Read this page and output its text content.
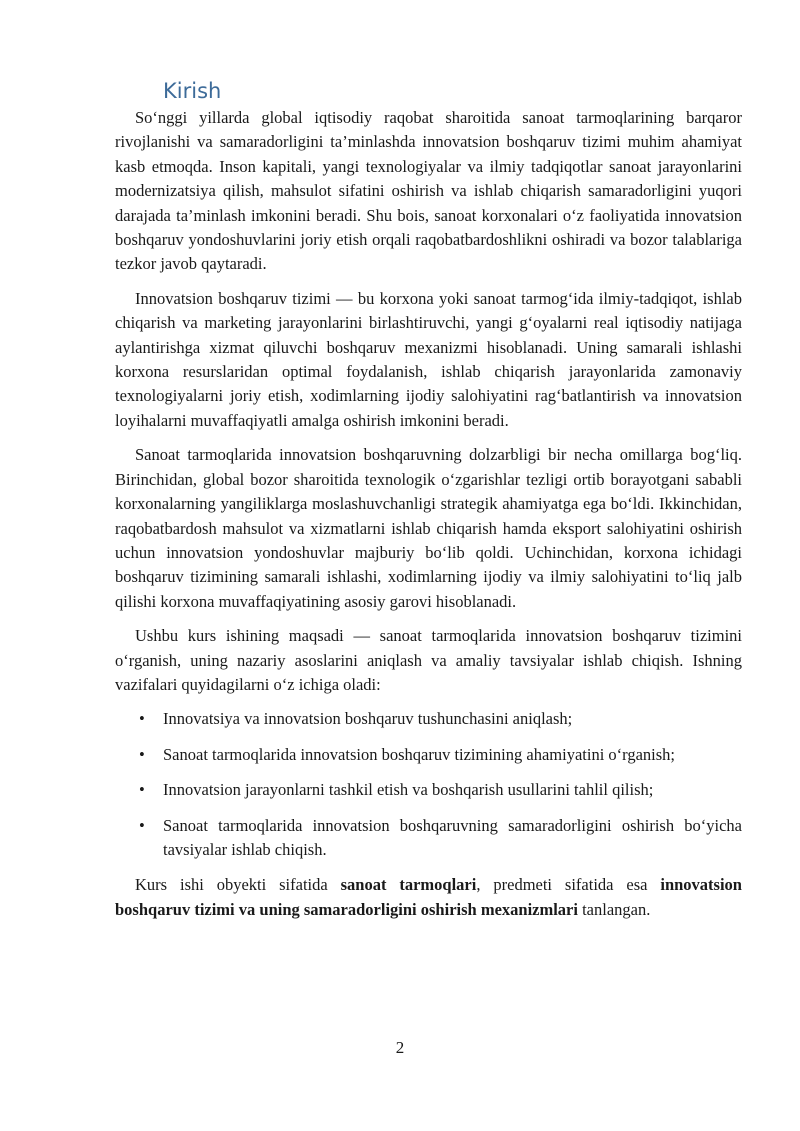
Kirish

So‘nggi yillarda global iqtisodiy raqobat sharoitida sanoat tarmoqlarining barqaror rivojlanishi va samaradorligini ta’minlashda innovatsion boshqaruv tizimi muhim ahamiyat kasb etmoqda. Inson kapitali, yangi texnologiyalar va ilmiy tadqiqotlar sanoat jarayonlarini modernizatsiya qilish, mahsulot sifatini oshirish va ishlab chiqarish samaradorligini yuqori darajada ta’minlash imkonini beradi. Shu bois, sanoat korxonalari o‘z faoliyatida innovatsion boshqaruv yondoshuvlarini joriy etish orqali raqobatbardoshlikni oshiradi va bozor talablariga tezkor javob qaytaradi.

Innovatsion boshqaruv tizimi — bu korxona yoki sanoat tarmog‘ida ilmiy-tadqiqot, ishlab chiqarish va marketing jarayonlarini birlashtiruvchi, yangi g‘oyalarni real iqtisodiy natijaga aylantirishga xizmat qiluvchi boshqaruv mexanizmi hisoblanadi. Uning samarali ishlashi korxona resurslaridan optimal foydalanish, ishlab chiqarish jarayonlarida zamonaviy texnologiyalarni joriy etish, xodimlarning ijodiy salohiyatini rag‘batlantirish va innovatsion loyihalarni muvaffaqiyatli amalga oshirish imkonini beradi.

Sanoat tarmoqlarida innovatsion boshqaruvning dolzarbligi bir necha omillarga bog‘liq. Birinchidan, global bozor sharoitida texnologik o‘zgarishlar tezligi ortib borayotgani sababli korxonalarning yangiliklarga moslashuvchanligi strategik ahamiyatga ega bo‘ldi. Ikkinchidan, raqobatbardosh mahsulot va xizmatlarni ishlab chiqarish hamda eksport salohiyatini oshirish uchun innovatsion yondoshuvlar majburiy bo‘lib qoldi. Uchinchidan, korxona ichidagi boshqaruv tizimining samarali ishlashi, xodimlarning ijodiy va ilmiy salohiyatini to‘liq jalb qilishi korxona muvaffaqiyatining asosiy garovi hisoblanadi.

Ushbu kurs ishining maqsadi — sanoat tarmoqlarida innovatsion boshqaruv tizimini o‘rganish, uning nazariy asoslarini aniqlash va amaliy tavsiyalar ishlab chiqish. Ishning vazifalari quyidagilarni o‘z ichiga oladi:

• Innovatsiya va innovatsion boshqaruv tushunchasini aniqlash;
• Sanoat tarmoqlarida innovatsion boshqaruv tizimining ahamiyatini o‘rganish;
• Innovatsion jarayonlarni tashkil etish va boshqarish usullarini tahlil qilish;
• Sanoat tarmoqlarida innovatsion boshqaruvning samaradorligini oshirish bo‘yicha tavsiyalar ishlab chiqish.

Kurs ishi obyekti sifatida sanoat tarmoqlari, predmeti sifatida esa innovatsion boshqaruv tizimi va uning samaradorligini oshirish mexanizmlari tanlangan.

2
